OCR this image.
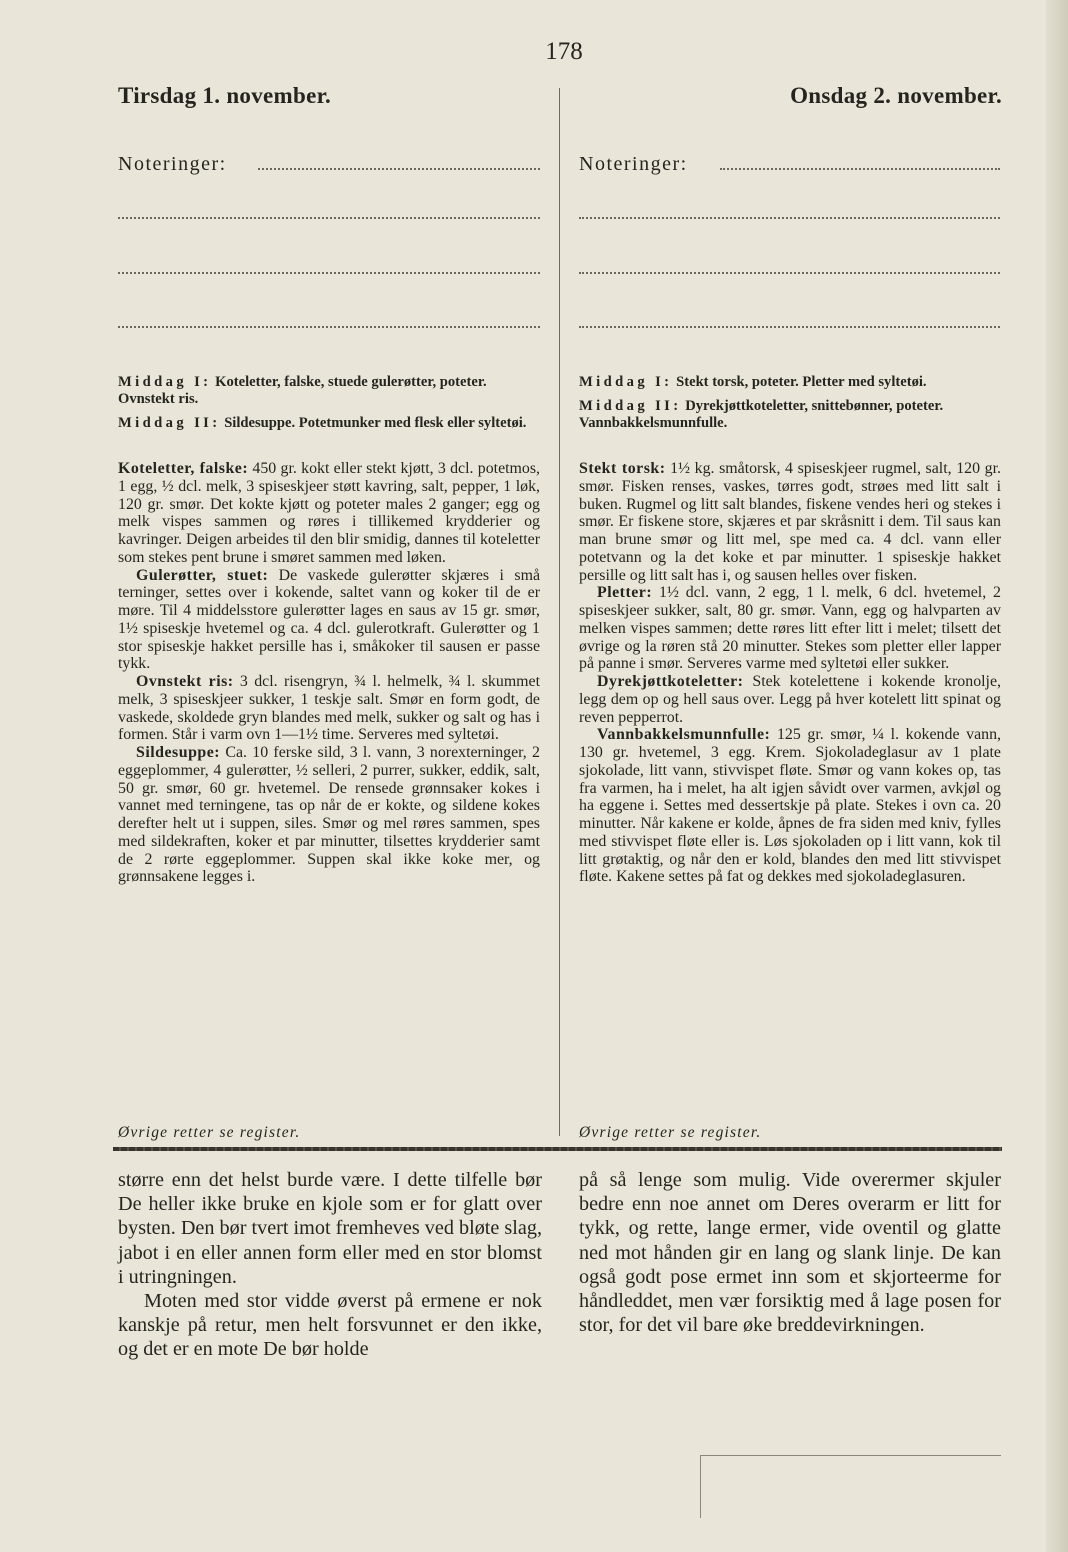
178
Tirsdag 1. november.	Onsdag 2. november.
Noteringer:	Noteringer:

Middag I: Koteletter, falske, stuede gulerøtter, poteter. Ovnstekt ris.

Middag II: Sildesuppe. Potetmunker med flesk eller syltetøi.

Middag I: Stekt torsk, poteter. Pletter med syltetøi.

Middag II: Dyrekjøttkoteletter, snittebønner, poteter. Vannbakkelsmunnfulle.

Koteletter, falske: 450 gr. kokt eller stekt kjøtt, 3 dcl. potetmos, 1 egg, ½ dcl. melk, 3 spiseskjeer støtt kavring, salt, pepper, 1 løk, 120 gr. smør. Det kokte kjøtt og poteter males 2 ganger; egg og melk vispes sammen og røres i tillikemed krydderier og kavringer. Deigen arbeides til den blir smidig, dannes til koteletter som stekes pent brune i smøret sammen med løken.

Gulerøtter, stuet: De vaskede gulerøtter skjæres i små terninger, settes over i kokende, saltet vann og koker til de er møre. Til 4 middelsstore gulerøtter lages en saus av 15 gr. smør, 1½ spiseskje hvetemel og ca. 4 dcl. gulerotkraft. Gulerøtter og 1 stor spiseskje hakket persille has i, småkoker til sausen er passe tykk.

Ovnstekt ris: 3 dcl. risengryn, ¾ l. helmelk, ¾ l. skummet melk, 3 spiseskjeer sukker, 1 teskje salt. Smør en form godt, de vaskede, skoldede gryn blandes med melk, sukker og salt og has i formen. Står i varm ovn 1—1½ time. Serveres med syltetøi.

Sildesuppe: Ca. 10 ferske sild, 3 l. vann, 3 norexterninger, 2 eggeplommer, 4 gulerøtter, ½ selleri, 2 purrer, sukker, eddik, salt, 50 gr. smør, 60 gr. hvetemel. De rensede grønnsaker kokes i vannet med terningene, tas op når de er kokte, og sildene kokes derefter helt ut i suppen, siles. Smør og mel røres sammen, spes med sildekraften, koker et par minutter, tilsettes krydderier samt de 2 rørte eggeplommer. Suppen skal ikke koke mer, og grønnsakene legges i.

Stekt torsk: 1½ kg. småtorsk, 4 spiseskjeer rugmel, salt, 120 gr. smør. Fisken renses, vaskes, tørres godt, strøes med litt salt i buken. Rugmel og litt salt blandes, fiskene vendes heri og stekes i smør. Er fiskene store, skjæres et par skråsnitt i dem. Til saus kan man brune smør og litt mel, spe med ca. 4 dcl. vann eller potetvann og la det koke et par minutter. 1 spiseskje hakket persille og litt salt has i, og sausen helles over fisken.

Pletter: 1½ dcl. vann, 2 egg, 1 l. melk, 6 dcl. hvetemel, 2 spiseskjeer sukker, salt, 80 gr. smør. Vann, egg og halvparten av melken vispes sammen; dette røres litt efter litt i melet; tilsett det øvrige og la røren stå 20 minutter. Stekes som pletter eller lapper på panne i smør. Serveres varme med syltetøi eller sukker.

Dyrekjøttkoteletter: Stek kotelettene i kokende kronolje, legg dem op og hell saus over. Legg på hver kotelett litt spinat og reven pepperrot.

Vannbakkelsmunnfulle: 125 gr. smør, ¼ l. kokende vann, 130 gr. hvetemel, 3 egg. Krem. Sjokoladeglasur av 1 plate sjokolade, litt vann, stivvispet fløte. Smør og vann kokes op, tas fra varmen, ha i melet, ha alt igjen såvidt over varmen, avkjøl og ha eggene i. Settes med dessertskje på plate. Stekes i ovn ca. 20 minutter. Når kakene er kolde, åpnes de fra siden med kniv, fylles med stivvispet fløte eller is. Løs sjokoladen op i litt vann, kok til litt grøtaktig, og når den er kold, blandes den med litt stivvispet fløte. Kakene settes på fat og dekkes med sjokoladeglasuren.

Øvrige retter se register.	Øvrige retter se register.

større enn det helst burde være. I dette tilfelle bør De heller ikke bruke en kjole som er for glatt over bysten. Den bør tvert imot fremheves ved bløte slag, jabot i en eller annen form eller med en stor blomst i utringningen.

Moten med stor vidde øverst på ermene er nok kanskje på retur, men helt forsvunnet er den ikke, og det er en mote De bør holde

på så lenge som mulig. Vide overermer skjuler bedre enn noe annet om Deres overarm er litt for tykk, og rette, lange ermer, vide oventil og glatte ned mot hånden gir en lang og slank linje. De kan også godt pose ermet inn som et skjorteerme for håndleddet, men vær forsiktig med å lage posen for stor, for det vil bare øke breddevirkningen.
